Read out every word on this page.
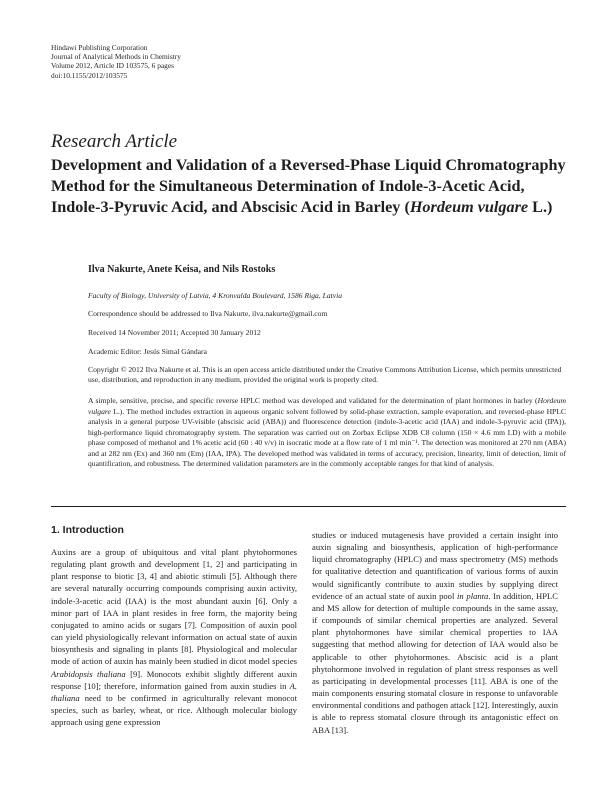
Hindawi Publishing Corporation
Journal of Analytical Methods in Chemistry
Volume 2012, Article ID 103575, 6 pages
doi:10.1155/2012/103575
Research Article
Development and Validation of a Reversed-Phase Liquid Chromatography Method for the Simultaneous Determination of Indole-3-Acetic Acid, Indole-3-Pyruvic Acid, and Abscisic Acid in Barley (Hordeum vulgare L.)
Ilva Nakurte, Anete Keisa, and Nils Rostoks
Faculty of Biology, University of Latvia, 4 Kronvalda Boulevard, 1586 Riga, Latvia
Correspondence should be addressed to Ilva Nakurte, ilva.nakurte@gmail.com
Received 14 November 2011; Accepted 30 January 2012
Academic Editor: Jesús Simal Gándara
Copyright © 2012 Ilva Nakurte et al. This is an open access article distributed under the Creative Commons Attribution License, which permits unrestricted use, distribution, and reproduction in any medium, provided the original work is properly cited.
A simple, sensitive, precise, and specific reverse HPLC method was developed and validated for the determination of plant hormones in barley (Hordeum vulgare L.). The method includes extraction in aqueous organic solvent followed by solid-phase extraction, sample evaporation, and reversed-phase HPLC analysis in a general purpose UV-visible (abscisic acid (ABA)) and fluorescence detection (indole-3-acetic acid (IAA) and indole-3-pyruvic acid (IPA)), high-performance liquid chromatography system. The separation was carried out on Zorbax Eclipse XDB C8 column (150 × 4.6 mm I.D) with a mobile phase composed of methanol and 1% acetic acid (60 : 40 v/v) in isocratic mode at a flow rate of 1 ml min⁻¹. The detection was monitored at 270 nm (ABA) and at 282 nm (Ex) and 360 nm (Em) (IAA, IPA). The developed method was validated in terms of accuracy, precision, linearity, limit of detection, limit of quantification, and robustness. The determined validation parameters are in the commonly acceptable ranges for that kind of analysis.
1. Introduction

Auxins are a group of ubiquitous and vital plant phytohormones regulating plant growth and development [1, 2] and participating in plant response to biotic [3, 4] and abiotic stimuli [5]. Although there are several naturally occurring compounds comprising auxin activity, indole-3-acetic acid (IAA) is the most abundant auxin [6]. Only a minor part of IAA in plant resides in free form, the majority being conjugated to amino acids or sugars [7]. Composition of auxin pool can yield physiologically relevant information on actual state of auxin biosynthesis and signaling in plants [8]. Physiological and molecular mode of action of auxin has mainly been studied in dicot model species Arabidopsis thaliana [9]. Monocots exhibit slightly different auxin response [10]; therefore, information gained from auxin studies in A. thaliana need to be confirmed in agriculturally relevant monocot species, such as barley, wheat, or rice. Although molecular biology approach using gene expression

studies or induced mutagenesis have provided a certain insight into auxin signaling and biosynthesis, application of high-performance liquid chromatography (HPLC) and mass spectrometry (MS) methods for qualitative detection and quantification of various forms of auxin would significantly contribute to auxin studies by supplying direct evidence of an actual state of auxin pool in planta. In addition, HPLC and MS allow for detection of multiple compounds in the same assay, if compounds of similar chemical properties are analyzed. Several plant phytohormones have similar chemical properties to IAA suggesting that method allowing for detection of IAA would also be applicable to other phytohormones. Abscisic acid is a plant phytohormone involved in regulation of plant stress responses as well as participating in developmental processes [11]. ABA is one of the main components ensuring stomatal closure in response to unfavorable environmental conditions and pathogen attack [12]. Interestingly, auxin is able to repress stomatal closure through its antagonistic effect on ABA [13].
